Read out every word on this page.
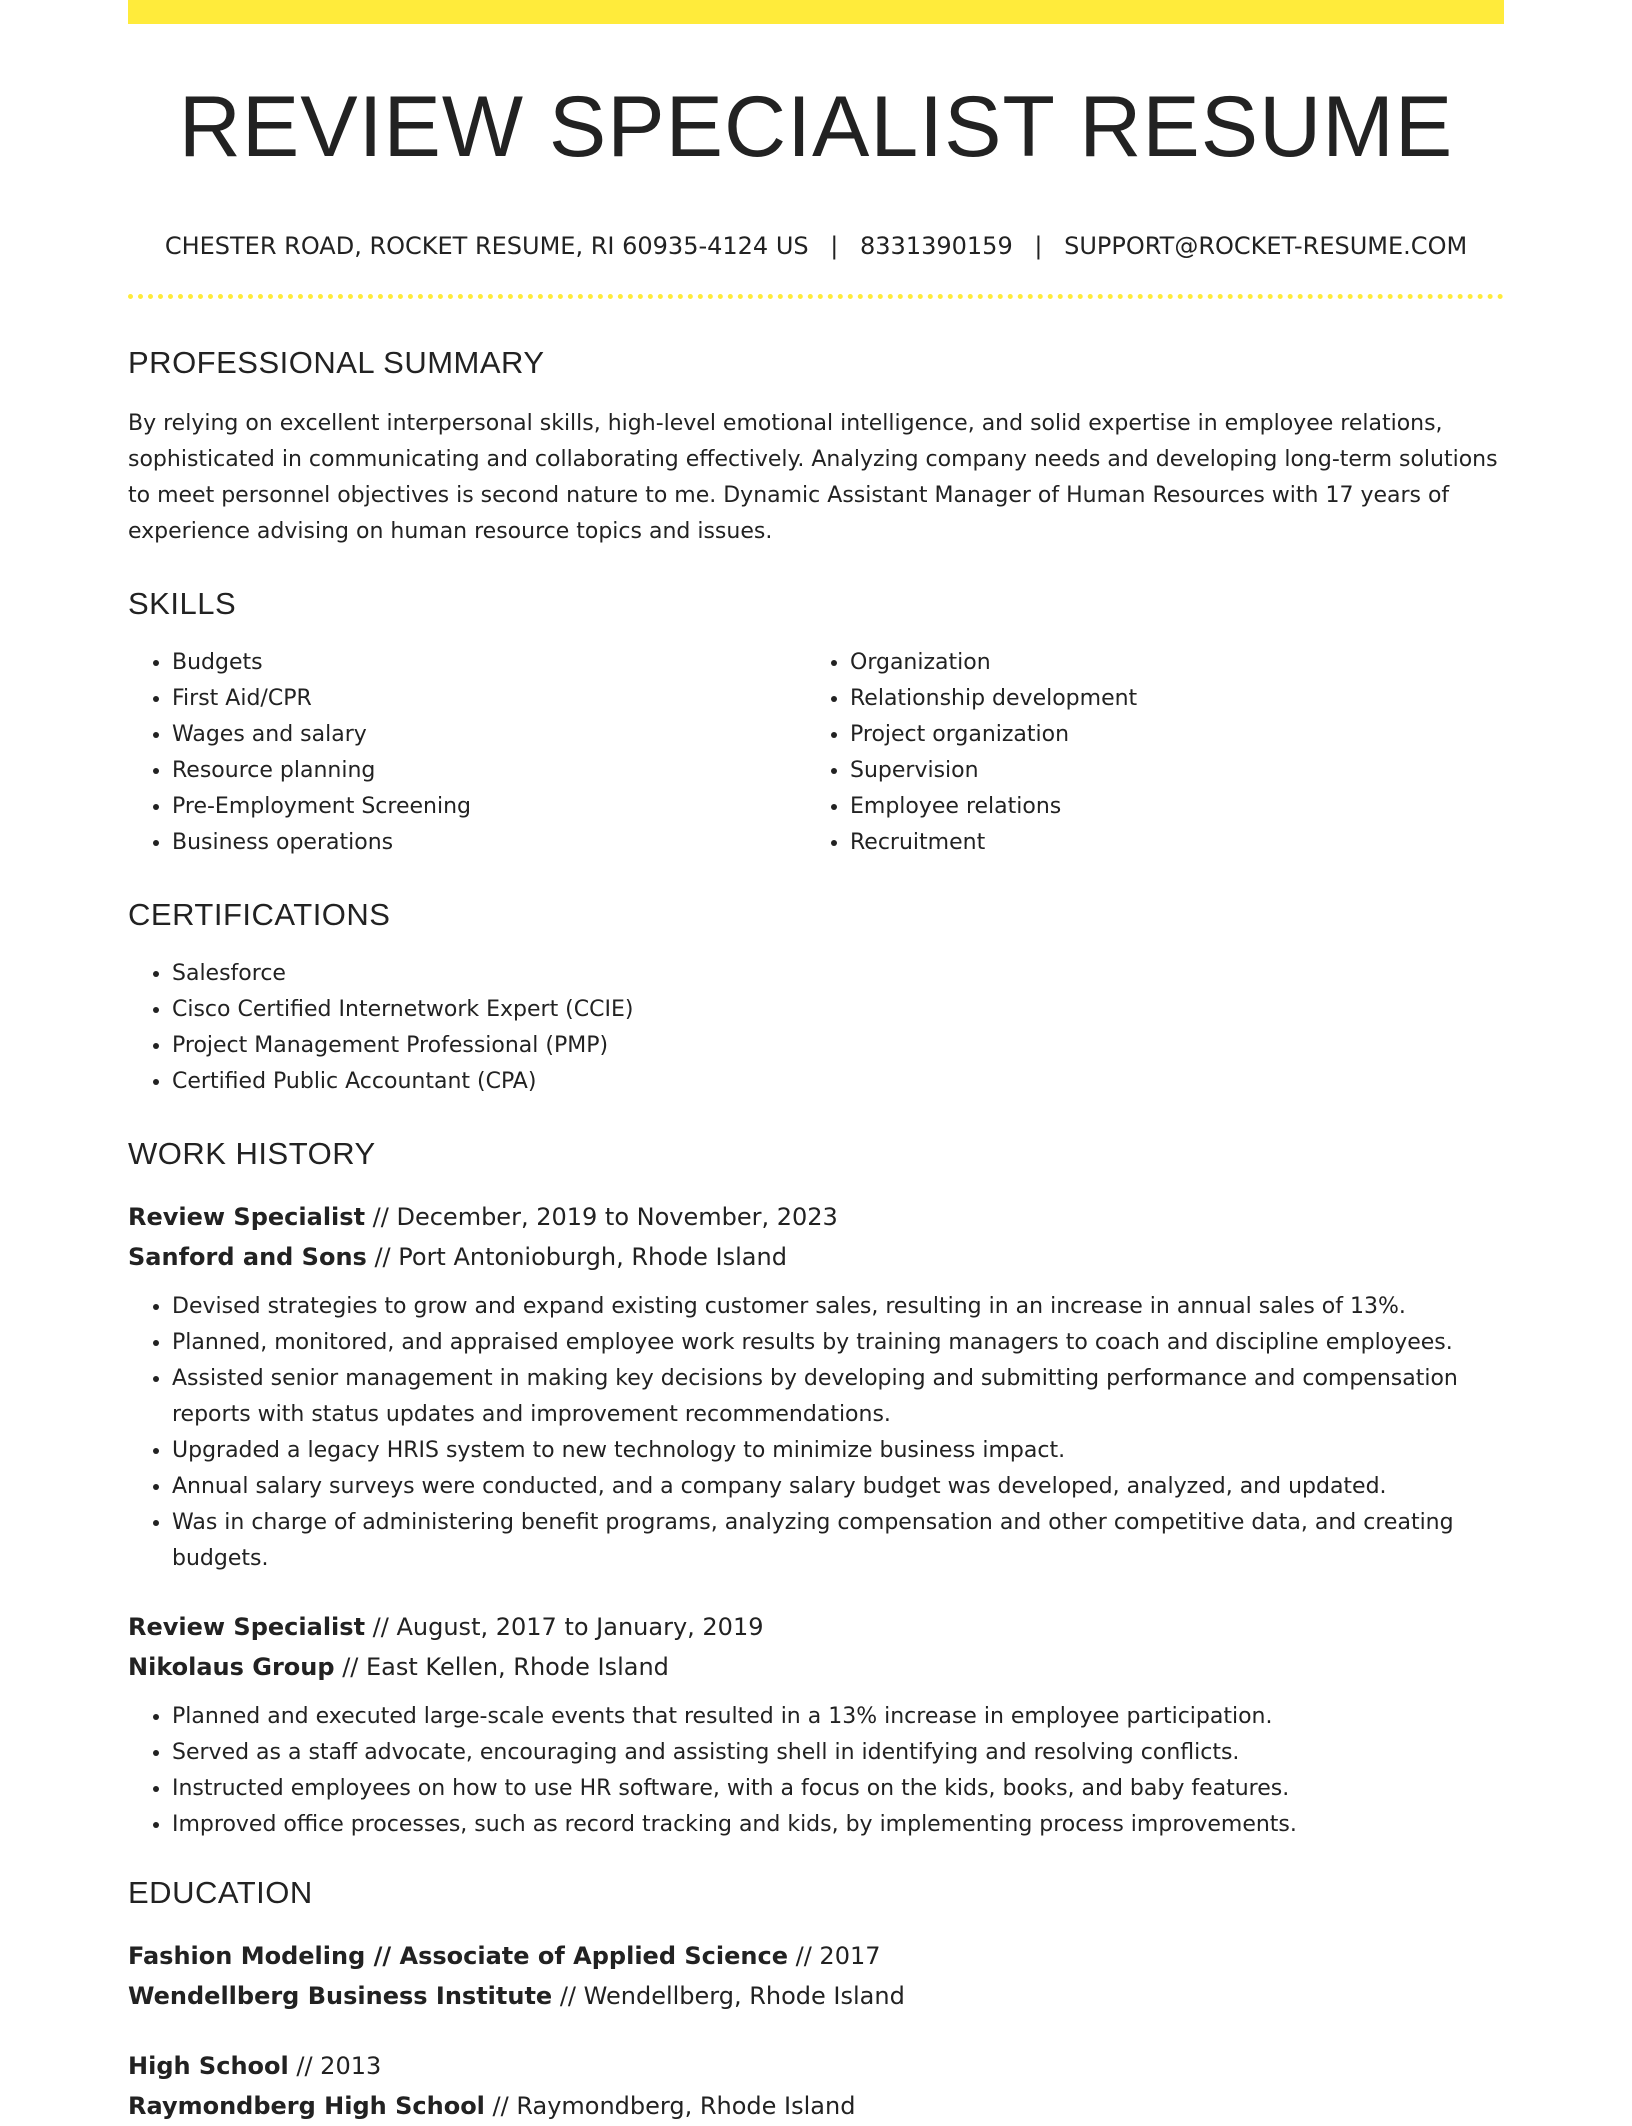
REVIEW SPECIALIST RESUME
CHESTER ROAD, ROCKET RESUME, RI 60935-4124 US | 8331390159 | SUPPORT@ROCKET-RESUME.COM
PROFESSIONAL SUMMARY

By relying on excellent interpersonal skills, high-level emotional intelligence, and solid expertise in employee relations, sophisticated in communicating and collaborating effectively. Analyzing company needs and developing long-term solutions to meet personnel objectives is second nature to me. Dynamic Assistant Manager of Human Resources with 17 years of experience advising on human resource topics and issues.

SKILLS
• Budgets
• First Aid/CPR
• Wages and salary
• Resource planning
• Pre-Employment Screening
• Business operations
• Organization
• Relationship development
• Project organization
• Supervision
• Employee relations
• Recruitment
CERTIFICATIONS
• Salesforce
• Cisco Certified Internetwork Expert (CCIE)
• Project Management Professional (PMP)
• Certified Public Accountant (CPA)
WORK HISTORY
Review Specialist // December, 2019 to November, 2023
Sanford and Sons // Port Antonioburgh, Rhode Island
• Devised strategies to grow and expand existing customer sales, resulting in an increase in annual sales of 13%.
• Planned, monitored, and appraised employee work results by training managers to coach and discipline employees.
• Assisted senior management in making key decisions by developing and submitting performance and compensation reports with status updates and improvement recommendations.
• Upgraded a legacy HRIS system to new technology to minimize business impact.
• Annual salary surveys were conducted, and a company salary budget was developed, analyzed, and updated.
• Was in charge of administering benefit programs, analyzing compensation and other competitive data, and creating budgets.
Review Specialist // August, 2017 to January, 2019
Nikolaus Group // East Kellen, Rhode Island
• Planned and executed large-scale events that resulted in a 13% increase in employee participation.
• Served as a staff advocate, encouraging and assisting shell in identifying and resolving conflicts.
• Instructed employees on how to use HR software, with a focus on the kids, books, and baby features.
• Improved office processes, such as record tracking and kids, by implementing process improvements.
EDUCATION
Fashion Modeling // Associate of Applied Science // 2017
Wendellberg Business Institute // Wendellberg, Rhode Island
High School // 2013
Raymondberg High School // Raymondberg, Rhode Island
